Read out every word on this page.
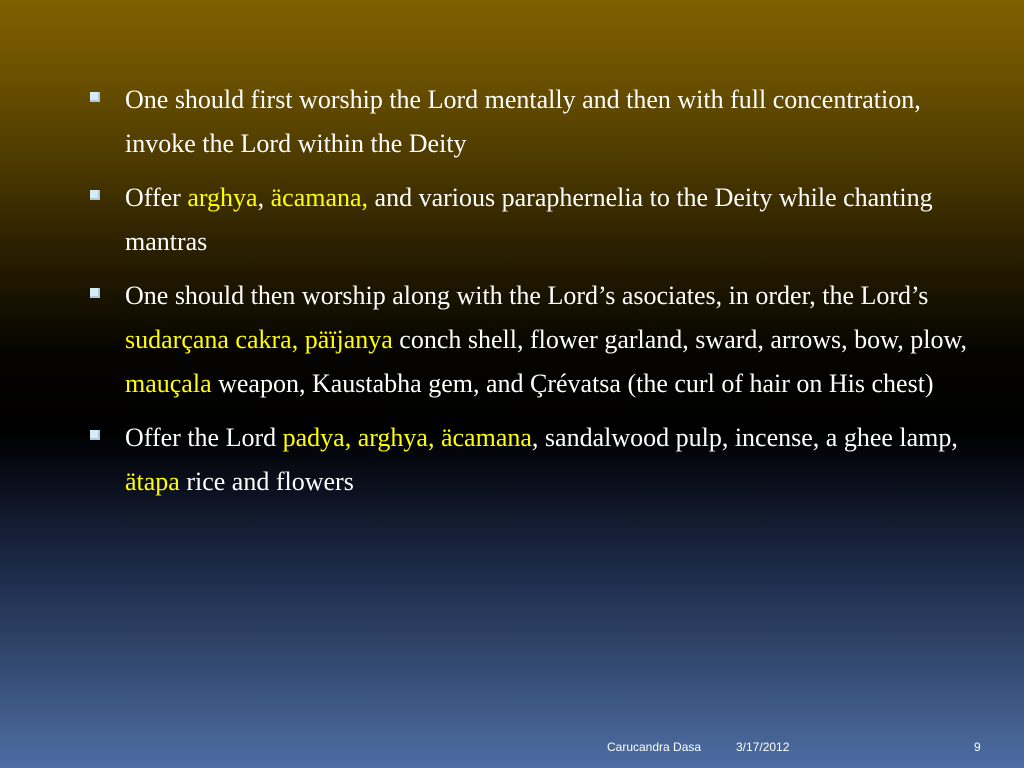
One should first worship the Lord mentally and then with full concentration, invoke the Lord within the Deity
Offer arghya, äcamana, and various paraphernelia to the Deity while chanting mantras
One should then worship along with the Lord’s asociates, in order, the Lord’s sudarçana cakra, päïjanya conch shell, flower garland, sward, arrows, bow, plow, mauçala weapon, Kaustabha gem, and Çrévatsa (the curl of hair on His chest)
Offer the Lord padya, arghya, äcamana, sandalwood pulp, incense, a ghee lamp, ätapa rice and flowers
Carucandra Dasa	3/17/2012	9
